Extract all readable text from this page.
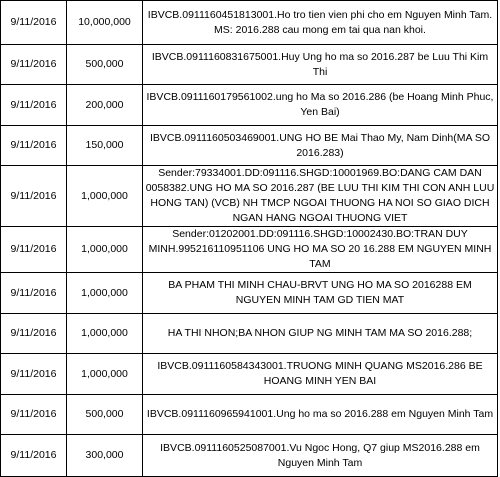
9/11/2016	10,000,000	IBVCB.0911160451813001.Ho tro tien vien phi cho em Nguyen Minh Tam. MS: 2016.288 cau mong em tai qua nan khoi.
9/11/2016	500,000	IBVCB.0911160831675001.Huy Ung ho ma so 2016.287 be Luu Thi Kim Thi
9/11/2016	200,000	IBVCB.0911160179561002.ung ho Ma so 2016.286 (be Hoang Minh Phuc, Yen Bai)
9/11/2016	150,000	IBVCB.0911160503469001.UNG HO BE Mai Thao My, Nam Dinh(MA SO 2016.283)
9/11/2016	1,000,000	Sender:79334001.DD:091116.SHGD:10001969.BO:DANG CAM DAN 0058382.UNG HO MA SO 2016.287 (BE LUU THI KIM THI CON ANH LUU HONG TAN) (VCB) NH TMCP NGOAI THUONG HA NOI SO GIAO DICH NGAN HANG NGOAI THUONG VIET
9/11/2016	1,000,000	Sender:01202001.DD:091116.SHGD:10002430.BO:TRAN DUY MINH.995216110951106 UNG HO MA SO 20 16.288 EM NGUYEN MINH TAM
9/11/2016	1,000,000	BA PHAM THI MINH CHAU-BRVT UNG HO MA SO 2016288 EM NGUYEN MINH TAM GD TIEN MAT
9/11/2016	1,000,000	HA THI NHON;BA NHON GIUP NG MINH TAM MA SO 2016.288;
9/11/2016	1,000,000	IBVCB.0911160584343001.TRUONG MINH QUANG MS2016.286 BE HOANG MINH YEN BAI
9/11/2016	500,000	IBVCB.0911160965941001.Ung ho ma so 2016.288 em Nguyen Minh Tam
9/11/2016	300,000	IBVCB.0911160525087001.Vu Ngoc Hong, Q7 giup MS2016.288 em Nguyen Minh Tam
